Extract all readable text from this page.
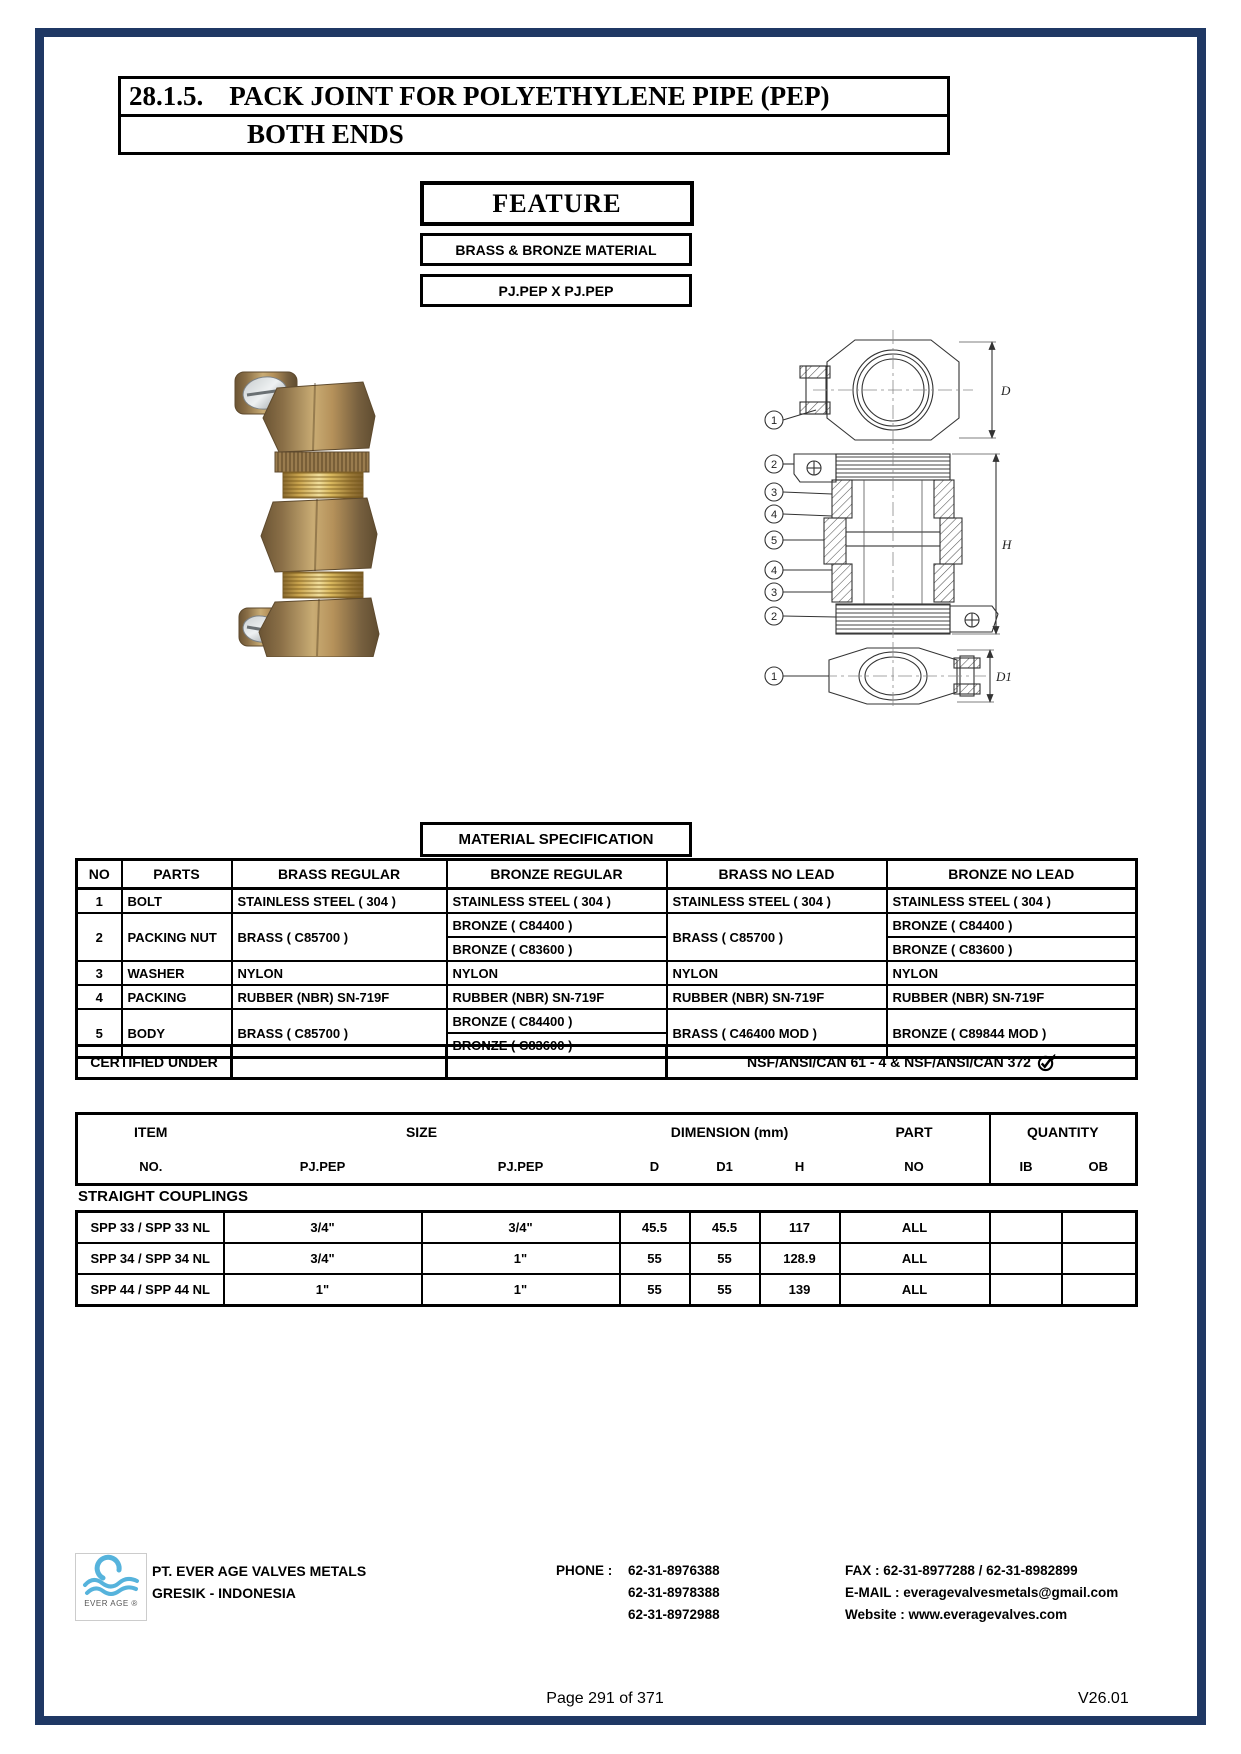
28.1.5. PACK JOINT FOR POLYETHYLENE PIPE (PEP)
BOTH ENDS
FEATURE
BRASS & BRONZE MATERIAL
PJ.PEP X PJ.PEP
1
2
3
4
5
4
3
2
1
D
H
D1
MATERIAL SPECIFICATION
NO	PARTS	BRASS REGULAR	BRONZE REGULAR	BRASS NO LEAD	BRONZE NO LEAD
1	BOLT	STAINLESS STEEL ( 304 )	STAINLESS STEEL ( 304 )	STAINLESS STEEL ( 304 )	STAINLESS STEEL ( 304 )
2	PACKING NUT	BRASS ( C85700 )	BRONZE ( C84400 )	BRASS ( C85700 )	BRONZE ( C84400 )
			BRONZE ( C83600 )		BRONZE ( C83600 )
3	WASHER	NYLON	NYLON	NYLON	NYLON
4	PACKING	RUBBER (NBR) SN-719F	RUBBER (NBR) SN-719F	RUBBER (NBR) SN-719F	RUBBER (NBR) SN-719F
5	BODY	BRASS ( C85700 )	BRONZE ( C84400 )	BRASS ( C46400 MOD )	BRONZE ( C89844 MOD )
			BRONZE ( C83600 )		
CERTIFIED UNDER			NSF/ANSI/CAN 61 - 4 & NSF/ANSI/CAN 372
ITEM	SIZE		DIMENSION (mm)			PART	QUANTITY	
NO.	PJ.PEP	PJ.PEP	D	D1	H	NO	IB	OB
STRAIGHT COUPLINGS
SPP 33 / SPP 33 NL	3/4"	3/4"	45.5	45.5	117	ALL		
SPP 34 / SPP 34 NL	3/4"	1"	55	55	128.9	ALL		
SPP 44 / SPP 44 NL	1"	1"	55	55	139	ALL		
EVER AGE ®
PT. EVER AGE VALVES METALS
GRESIK - INDONESIA
PHONE :	62-31-8976388
62-31-8978388
62-31-8972988
FAX : 62-31-8977288 / 62-31-8982899
E-MAIL : everagevalvesmetals@gmail.com
Website : www.everagevalves.com
Page 291 of 371	V26.01
